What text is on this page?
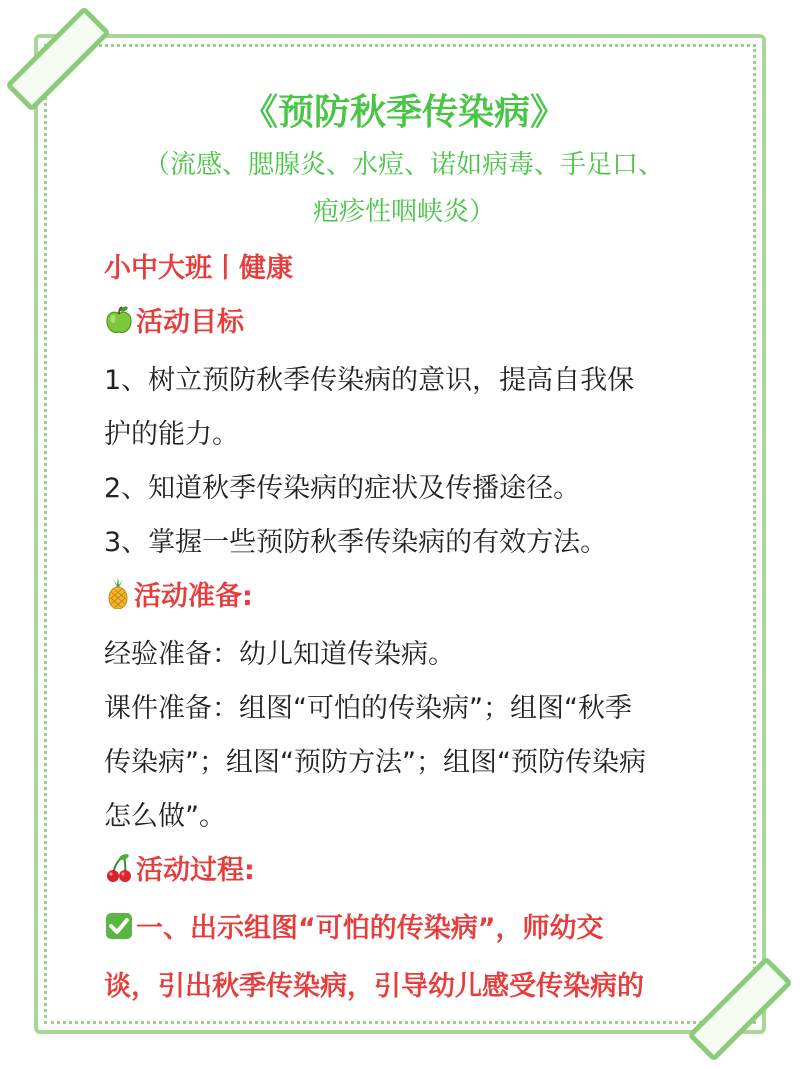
《预防秋季传染病》
（流感、腮腺炎、水痘、诺如病毒、手足口、
疱疹性咽峡炎）
小中大班丨健康
活动目标
1、树立预防秋季传染病的意识，提高自我保
护的能力。
2、知道秋季传染病的症状及传播途径。
3、掌握一些预防秋季传染病的有效方法。
活动准备:
经验准备：幼儿知道传染病。
课件准备：组图“可怕的传染病”；组图“秋季
传染病”；组图“预防方法”；组图“预防传染病
怎么做”。
活动过程:
一、出示组图“可怕的传染病”，师幼交
谈，引出秋季传染病，引导幼儿感受传染病的
